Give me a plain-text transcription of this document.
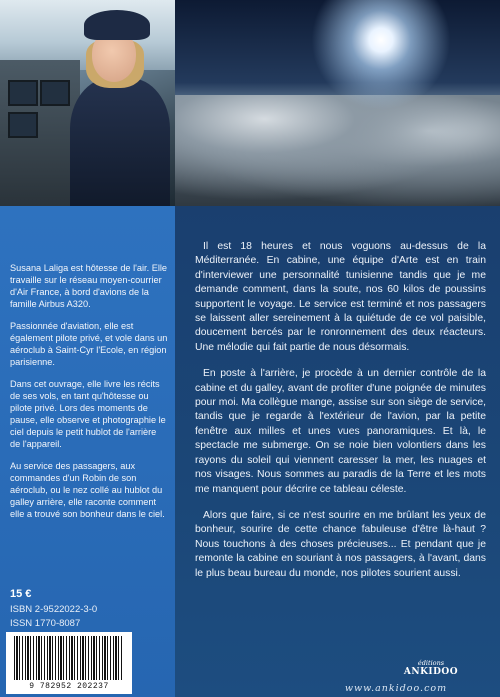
Susana Laliga est hôtesse de l'air. Elle travaille sur le réseau moyen-courrier d'Air France, à bord d'avions de la famille Airbus A320.

Passionnée d'aviation, elle est également pilote privé, et vole dans un aéroclub à Saint-Cyr l'Ecole, en région parisienne.

Dans cet ouvrage, elle livre les récits de ses vols, en tant qu'hôtesse ou pilote privé. Lors des moments de pause, elle observe et photographie le ciel depuis le petit hublot de l'arrière de l'appareil.

Au service des passagers, aux commandes d'un Robin de son aéroclub, ou le nez collé au hublot du galley arrière, elle raconte comment elle a trouvé son bonheur dans le ciel.

15 €
ISBN 2-9522022-3-0
ISSN 1770-8087
9 782952 202237

Il est 18 heures et nous voguons au-dessus de la Méditerranée. En cabine, une équipe d'Arte est en train d'interviewer une personnalité tunisienne tandis que je me demande comment, dans la soute, nos 60 kilos de poussins supportent le voyage. Le service est terminé et nos passagers se laissent aller sereinement à la quiétude de ce vol paisible, doucement bercés par le ronronnement des deux réacteurs. Une mélodie qui fait partie de nous désormais.

En poste à l'arrière, je procède à un dernier contrôle de la cabine et du galley, avant de profiter d'une poignée de minutes pour moi. Ma collègue mange, assise sur son siège de service, tandis que je regarde à l'extérieur de l'avion, par la petite fenêtre aux milles et unes vues panoramiques. Et là, le spectacle me submerge. On se noie bien volontiers dans les rayons du soleil qui viennent caresser la mer, les nuages et nos visages. Nous sommes au paradis de la Terre et les mots me manquent pour décrire ce tableau céleste.

Alors que faire, si ce n'est sourire en me brûlant les yeux de bonheur, sourire de cette chance fabuleuse d'être là-haut ? Nous touchons à des choses précieuses... Et pendant que je remonte la cabine en souriant à nos passagers, à l'avant, dans le plus beau bureau du monde, nos pilotes sourient aussi.

éditions
ANKIDOO
www.ankidoo.com
